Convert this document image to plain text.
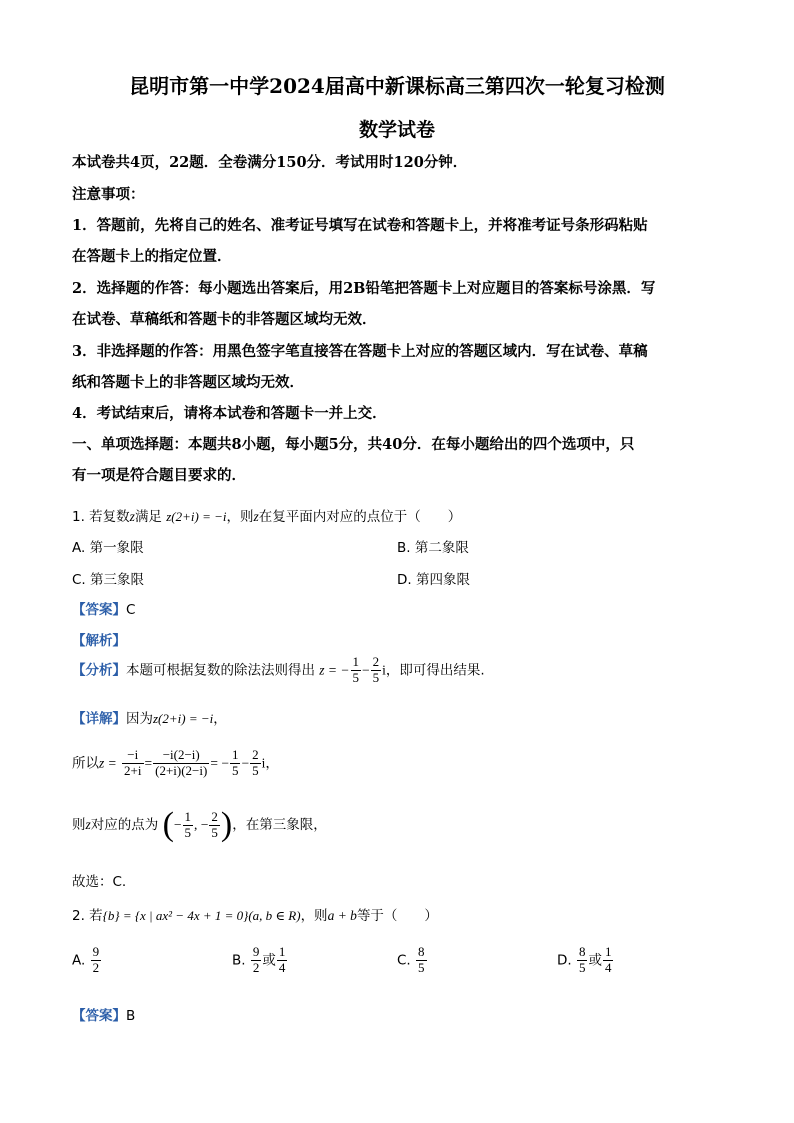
昆明市第一中学2024届高中新课标高三第四次一轮复习检测
数学试卷
本试卷共4页，22题．全卷满分150分．考试用时120分钟．
注意事项：
1．答题前，先将自己的姓名、准考证号填写在试卷和答题卡上，并将准考证号条形码粘贴
在答题卡上的指定位置．
2．选择题的作答：每小题选出答案后，用2B铅笔把答题卡上对应题目的答案标号涂黑．写
在试卷、草稿纸和答题卡的非答题区域均无效．
3．非选择题的作答：用黑色签字笔直接答在答题卡上对应的答题区域内．写在试卷、草稿
纸和答题卡上的非答题区域均无效．
4．考试结束后，请将本试卷和答题卡一并上交．
一、单项选择题：本题共8小题，每小题5分，共40分．在每小题给出的四个选项中，只
有一项是符合题目要求的．
1. 若复数z满足 z(2+i) = −i，则z在复平面内对应的点位于（　　）
A. 第一象限	B. 第二象限
C. 第三象限	D. 第四象限
【答案】C
【解析】
【分析】本题可根据复数的除法法则得出 z = − $\frac{1}{5} - \frac{2}{5}$ i，即可得出结果.
【详解】因为z(2+i) = −i，
所以$z = \frac{-i}{2+i} = \frac{-i(2-i)}{(2+i)(2-i)}$ = − $\frac{1}{5} - \frac{2}{5}$ i，
则z对应的点为 (− $\frac{1}{5}$ , − $\frac{2}{5}$ )，在第三象限，
故选：C.
2. 若{b} = {x | ax² − 4x + 1 = 0}(a, b ∈ R)，则a + b等于（　　）
A. $\frac{9}{2}$	B. $\frac{9}{2}$ 或 $\frac{1}{4}$	C. $\frac{8}{5}$	D. $\frac{8}{5}$ 或 $\frac{1}{4}$
【答案】B
